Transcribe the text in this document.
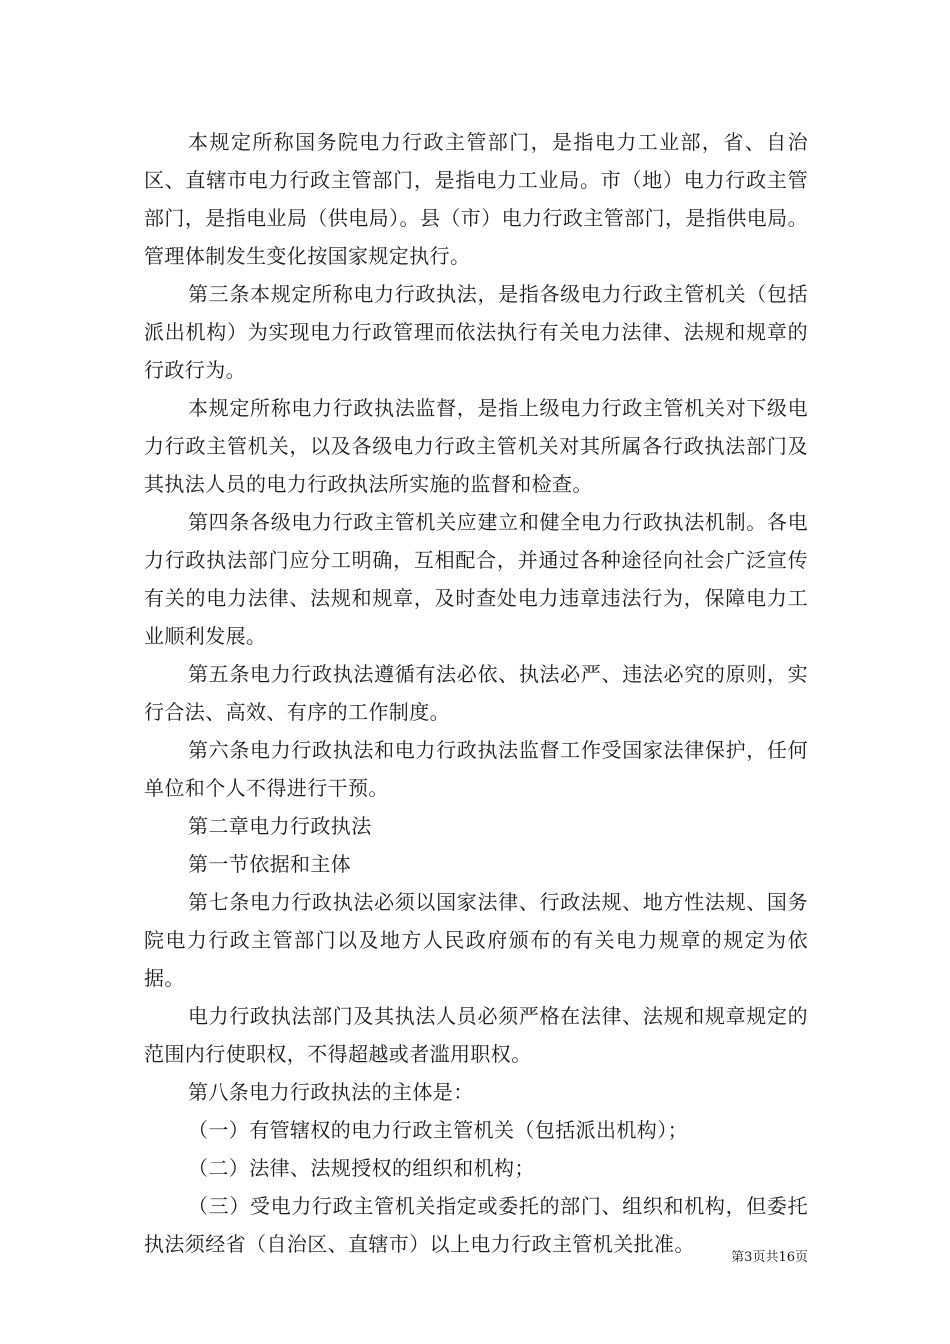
本规定所称国务院电力行政主管部门，是指电力工业部，省、自治区、直辖市电力行政主管部门，是指电力工业局。市（地）电力行政主管部门，是指电业局（供电局）。县（市）电力行政主管部门，是指供电局。管理体制发生变化按国家规定执行。

第三条本规定所称电力行政执法，是指各级电力行政主管机关（包括派出机构）为实现电力行政管理而依法执行有关电力法律、法规和规章的行政行为。

本规定所称电力行政执法监督，是指上级电力行政主管机关对下级电力行政主管机关，以及各级电力行政主管机关对其所属各行政执法部门及其执法人员的电力行政执法所实施的监督和检查。

第四条各级电力行政主管机关应建立和健全电力行政执法机制。各电力行政执法部门应分工明确，互相配合，并通过各种途径向社会广泛宣传有关的电力法律、法规和规章，及时查处电力违章违法行为，保障电力工业顺利发展。

第五条电力行政执法遵循有法必依、执法必严、违法必究的原则，实行合法、高效、有序的工作制度。

第六条电力行政执法和电力行政执法监督工作受国家法律保护，任何单位和个人不得进行干预。

第二章电力行政执法

第一节依据和主体

第七条电力行政执法必须以国家法律、行政法规、地方性法规、国务院电力行政主管部门以及地方人民政府颁布的有关电力规章的规定为依据。

电力行政执法部门及其执法人员必须严格在法律、法规和规章规定的范围内行使职权，不得超越或者滥用职权。

第八条电力行政执法的主体是：

（一）有管辖权的电力行政主管机关（包括派出机构）；

（二）法律、法规授权的组织和机构；

（三）受电力行政主管机关指定或委托的部门、组织和机构，但委托执法须经省（自治区、直辖市）以上电力行政主管机关批准。

第3页共16页
